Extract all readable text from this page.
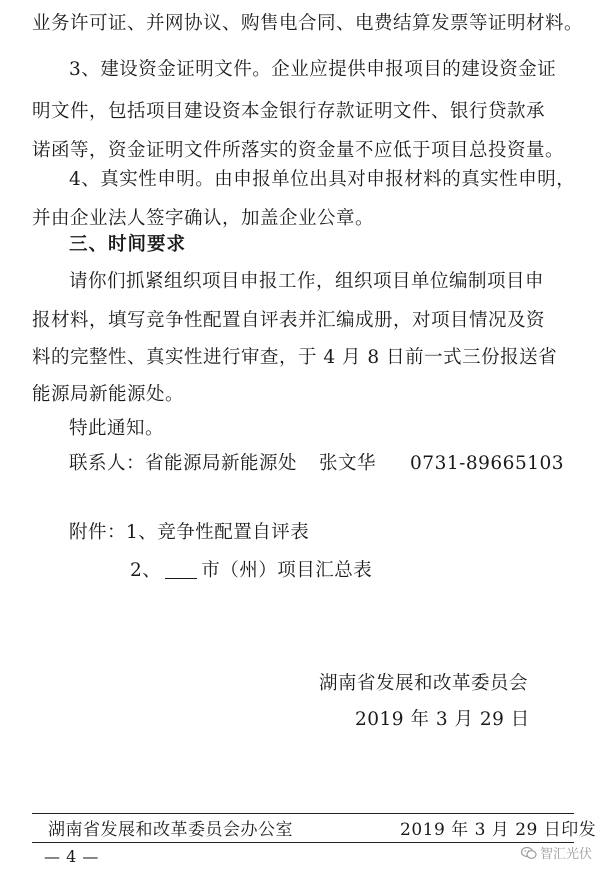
业务许可证、并网协议、购售电合同、电费结算发票等证明材料。
3、建设资金证明文件。企业应提供申报项目的建设资金证
明文件，包括项目建设资本金银行存款证明文件、银行贷款承
诺函等，资金证明文件所落实的资金量不应低于项目总投资量。
4、真实性申明。由申报单位出具对申报材料的真实性申明，
并由企业法人签字确认，加盖企业公章。
三、时间要求
请你们抓紧组织项目申报工作，组织项目单位编制项目申
报材料，填写竞争性配置自评表并汇编成册，对项目情况及资
料的完整性、真实性进行审查，于 4 月 8 日前一式三份报送省
能源局新能源处。
特此通知。
联系人：省能源局新能源处 张文华 0731-89665103
附件：1、竞争性配置自评表
2、 市（州）项目汇总表
湖南省发展和改革委员会
2019 年 3 月 29 日
湖南省发展和改革委员会办公室	2019 年 3 月 29 日印发
— 4 —	智汇光伏
